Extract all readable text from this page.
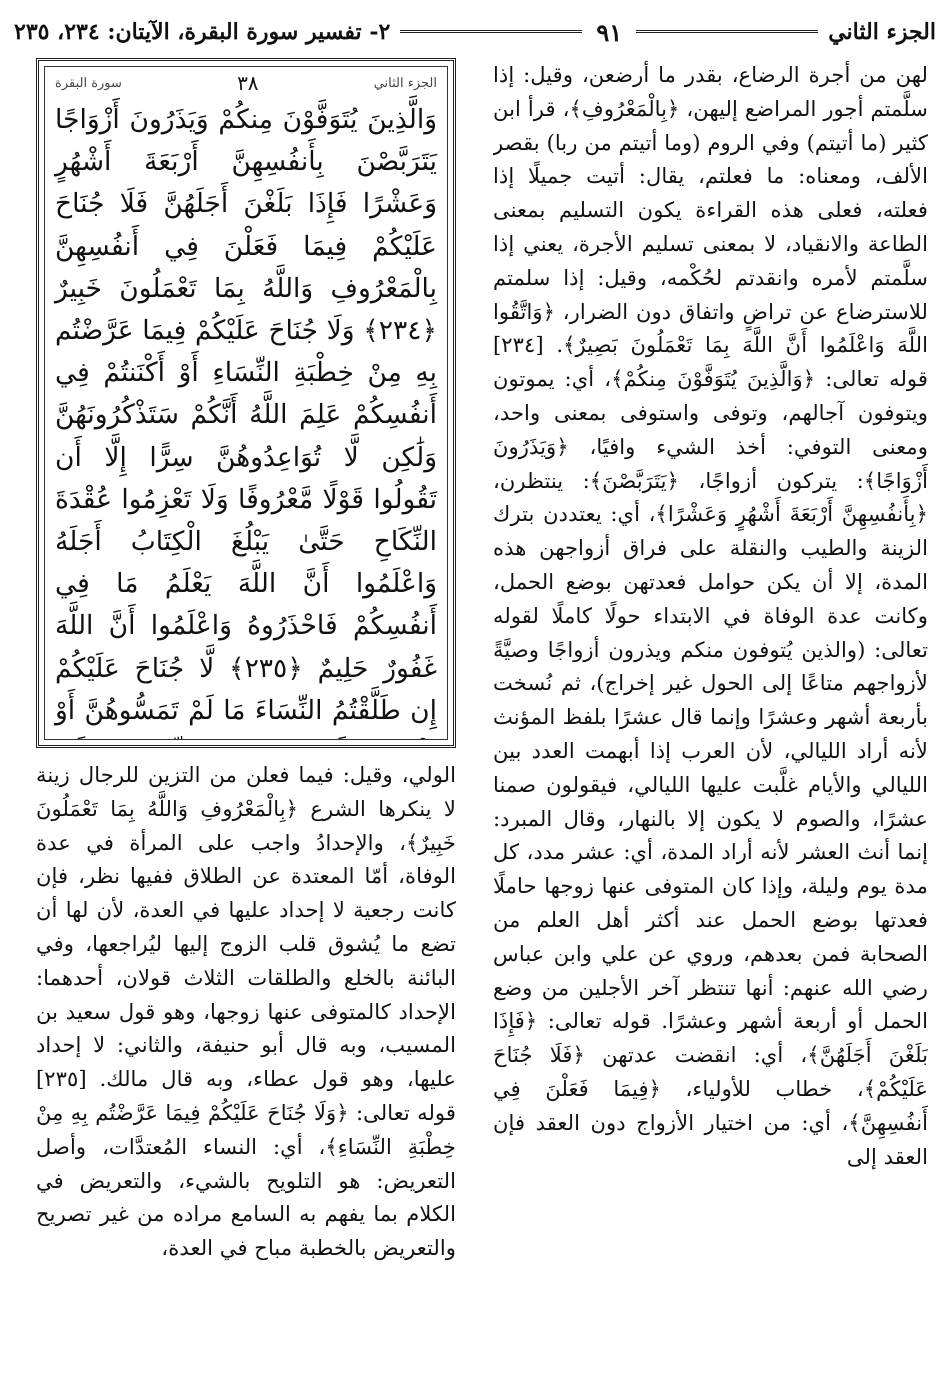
الجزء الثاني
٩١
٢- تفسير سورة البقرة، الآيتان: ٢٣٤، ٢٣٥

لهن من أجرة الرضاع، بقدر ما أرضعن، وقيل: إذا سلَّمتم أجور المراضع إليهن، ﴿بِالْمَعْرُوفِ﴾، قرأ ابن كثير (ما أتيتم) وفي الروم (وما أتيتم من ربا) بقصر الألف، ومعناه: ما فعلتم، يقال: أتيت جميلًا إذا فعلته، فعلى هذه القراءة يكون التسليم بمعنى الطاعة والانقياد، لا بمعنى تسليم الأجرة، يعني إذا سلَّمتم لأمره وانقدتم لحُكْمه، وقيل: إذا سلمتم للاسترضاع عن تراضٍ واتفاق دون الضرار، ﴿وَاتَّقُوا اللَّهَ وَاعْلَمُوا أَنَّ اللَّهَ بِمَا تَعْمَلُونَ بَصِيرٌ﴾. [٢٣٤] قوله تعالى: ﴿وَالَّذِينَ يُتَوَفَّوْنَ مِنكُمْ﴾، أي: يموتون ويتوفون آجالهم، وتوفى واستوفى بمعنى واحد، ومعنى التوفي: أخذ الشيء وافيًا، ﴿وَيَذَرُونَ أَزْوَاجًا﴾: يتركون أزواجًا، ﴿يَتَرَبَّصْنَ﴾: ينتظرن، ﴿بِأَنفُسِهِنَّ أَرْبَعَةَ أَشْهُرٍ وَعَشْرًا﴾، أي: يعتددن بترك الزينة والطيب والنقلة على فراق أزواجهن هذه المدة، إلا أن يكن حوامل فعدتهن بوضع الحمل، وكانت عدة الوفاة في الابتداء حولًا كاملًا لقوله تعالى: (والذين يُتوفون منكم ويذرون أزواجًا وصيَّةً لأزواجهم متاعًا إلى الحول غير إخراج)، ثم نُسخت بأربعة أشهر وعشرًا وإنما قال عشرًا بلفظ المؤنث لأنه أراد الليالي، لأن العرب إذا أبهمت العدد بين الليالي والأيام غلَّبت عليها الليالي، فيقولون صمنا عشرًا، والصوم لا يكون إلا بالنهار، وقال المبرد: إنما أنث العشر لأنه أراد المدة، أي: عشر مدد، كل مدة يوم وليلة، وإذا كان المتوفى عنها زوجها حاملًا فعدتها بوضع الحمل عند أكثر أهل العلم من الصحابة فمن بعدهم، وروي عن علي وابن عباس رضي الله عنهم: أنها تنتظر آخر الأجلين من وضع الحمل أو أربعة أشهر وعشرًا. قوله تعالى: ﴿فَإِذَا بَلَغْنَ أَجَلَهُنَّ﴾، أي: انقضت عدتهن ﴿فَلَا جُنَاحَ عَلَيْكُمْ﴾، خطاب للأولياء، ﴿فِيمَا فَعَلْنَ فِي أَنفُسِهِنَّ﴾، أي: من اختيار الأزواج دون العقد فإن العقد إلى

الجزء الثاني
٣٨
سورة البقرة
وَالَّذِينَ يُتَوَفَّوْنَ مِنكُمْ وَيَذَرُونَ أَزْوَاجًا يَتَرَبَّصْنَ بِأَنفُسِهِنَّ أَرْبَعَةَ أَشْهُرٍ وَعَشْرًا فَإِذَا بَلَغْنَ أَجَلَهُنَّ فَلَا جُنَاحَ عَلَيْكُمْ فِيمَا فَعَلْنَ فِي أَنفُسِهِنَّ بِالْمَعْرُوفِ وَاللَّهُ بِمَا تَعْمَلُونَ خَبِيرٌ ﴿٢٣٤﴾ وَلَا جُنَاحَ عَلَيْكُمْ فِيمَا عَرَّضْتُم بِهِ مِنْ خِطْبَةِ النِّسَاءِ أَوْ أَكْنَنتُمْ فِي أَنفُسِكُمْ عَلِمَ اللَّهُ أَنَّكُمْ سَتَذْكُرُونَهُنَّ وَلَٰكِن لَّا تُوَاعِدُوهُنَّ سِرًّا إِلَّا أَن تَقُولُوا قَوْلًا مَّعْرُوفًا وَلَا تَعْزِمُوا عُقْدَةَ النِّكَاحِ حَتَّىٰ يَبْلُغَ الْكِتَابُ أَجَلَهُ وَاعْلَمُوا أَنَّ اللَّهَ يَعْلَمُ مَا فِي أَنفُسِكُمْ فَاحْذَرُوهُ وَاعْلَمُوا أَنَّ اللَّهَ غَفُورٌ حَلِيمٌ ﴿٢٣٥﴾ لَّا جُنَاحَ عَلَيْكُمْ إِن طَلَّقْتُمُ النِّسَاءَ مَا لَمْ تَمَسُّوهُنَّ أَوْ

الولي، وقيل: فيما فعلن من التزين للرجال زينة لا ينكرها الشرع ﴿بِالْمَعْرُوفِ وَاللَّهُ بِمَا تَعْمَلُونَ خَبِيرٌ﴾، والإحدادُ واجب على المرأة في عدة الوفاة، أمّا المعتدة عن الطلاق ففيها نظر، فإن كانت رجعية لا إحداد عليها في العدة، لأن لها أن تضع ما يُشوق قلب الزوج إليها ليُراجعها، وفي البائنة بالخلع والطلقات الثلاث قولان، أحدهما: الإحداد كالمتوفى عنها زوجها، وهو قول سعيد بن المسيب، وبه قال أبو حنيفة، والثاني: لا إحداد عليها، وهو قول عطاء، وبه قال مالك. [٢٣٥] قوله تعالى: ﴿وَلَا جُنَاحَ عَلَيْكُمْ فِيمَا عَرَّضْتُم بِهِ مِنْ خِطْبَةِ النِّسَاءِ﴾، أي: النساء المُعتدَّات، وأصل التعريض: هو التلويح بالشيء، والتعريض في الكلام بما يفهم به السامع مراده من غير تصريح والتعريض بالخطبة مباح في العدة،
